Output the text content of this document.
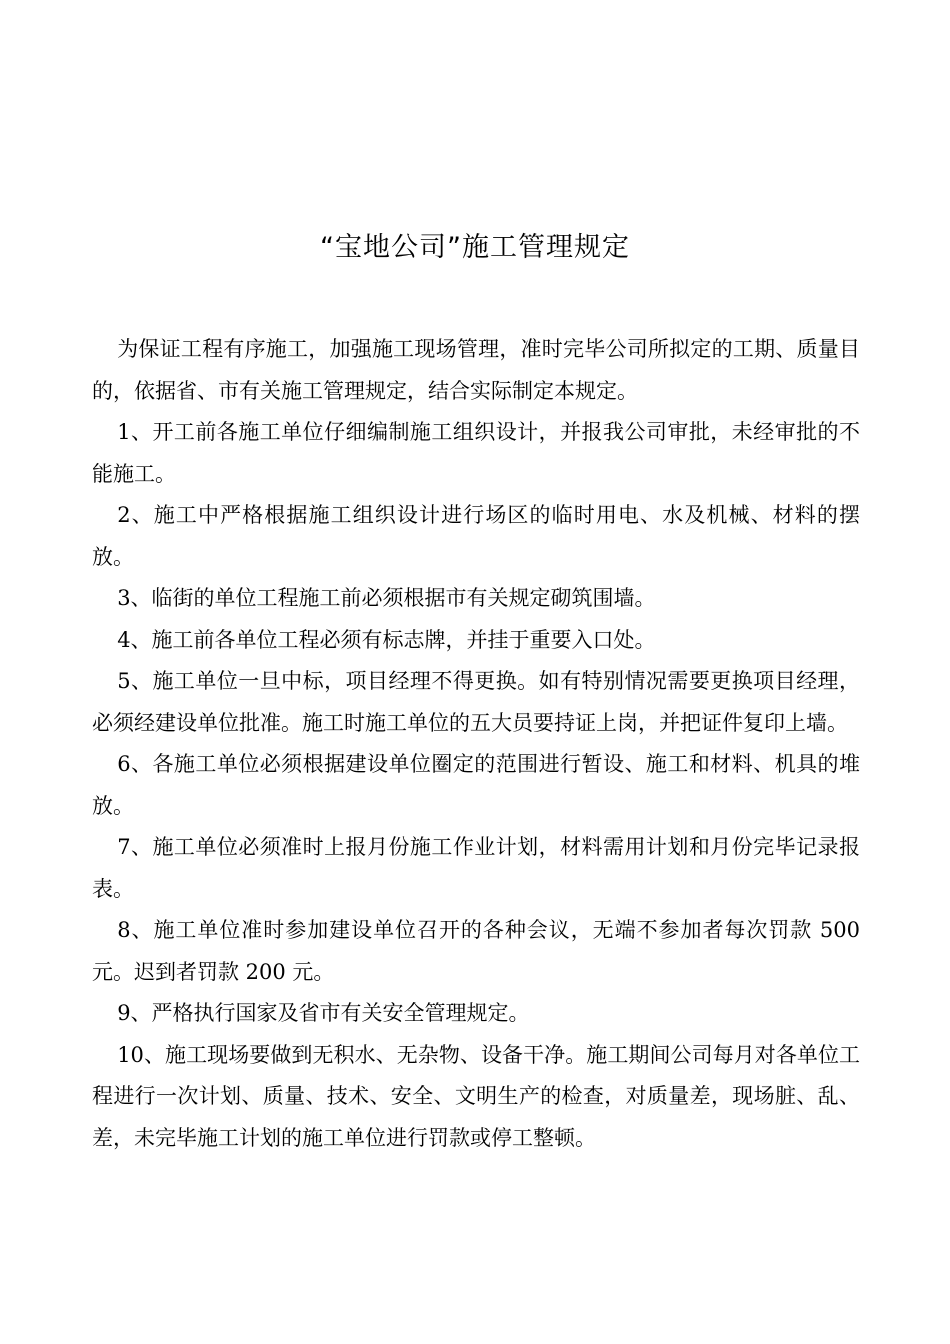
“宝地公司”施工管理规定

为保证工程有序施工，加强施工现场管理，准时完毕公司所拟定的工期、质量目的，依据省、市有关施工管理规定，结合实际制定本规定。

1、开工前各施工单位仔细编制施工组织设计，并报我公司审批，未经审批的不能施工。

2、施工中严格根据施工组织设计进行场区的临时用电、水及机械、材料的摆放。

3、临街的单位工程施工前必须根据市有关规定砌筑围墙。

4、施工前各单位工程必须有标志牌，并挂于重要入口处。

5、施工单位一旦中标，项目经理不得更换。如有特别情况需要更换项目经理，必须经建设单位批准。施工时施工单位的五大员要持证上岗，并把证件复印上墙。

6、各施工单位必须根据建设单位圈定的范围进行暂设、施工和材料、机具的堆放。

7、施工单位必须准时上报月份施工作业计划，材料需用计划和月份完毕记录报表。

8、施工单位准时参加建设单位召开的各种会议，无端不参加者每次罚款 500 元。迟到者罚款 200 元。

9、严格执行国家及省市有关安全管理规定。

10、施工现场要做到无积水、无杂物、设备干净。施工期间公司每月对各单位工程进行一次计划、质量、技术、安全、文明生产的检查，对质量差，现场脏、乱、差，未完毕施工计划的施工单位进行罚款或停工整顿。
